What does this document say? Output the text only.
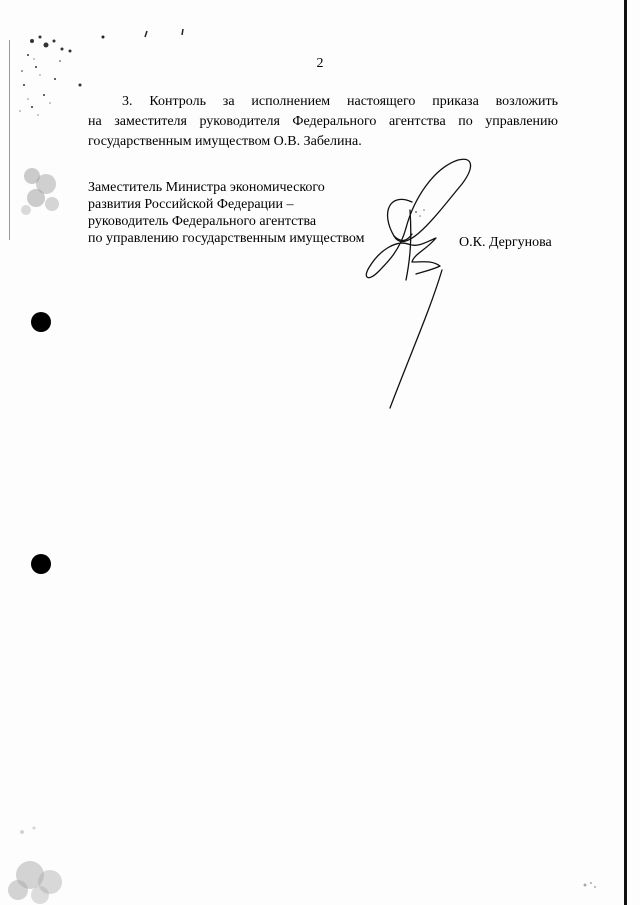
2
3. Контроль за исполнением настоящего приказа возложить
на заместителя руководителя Федерального агентства по управлению
государственным имуществом О.В. Забелина.
Заместитель Министра экономического
развития Российской Федерации –
руководитель Федерального агентства
по управлению государственным имуществом	О.К. Дергунова
